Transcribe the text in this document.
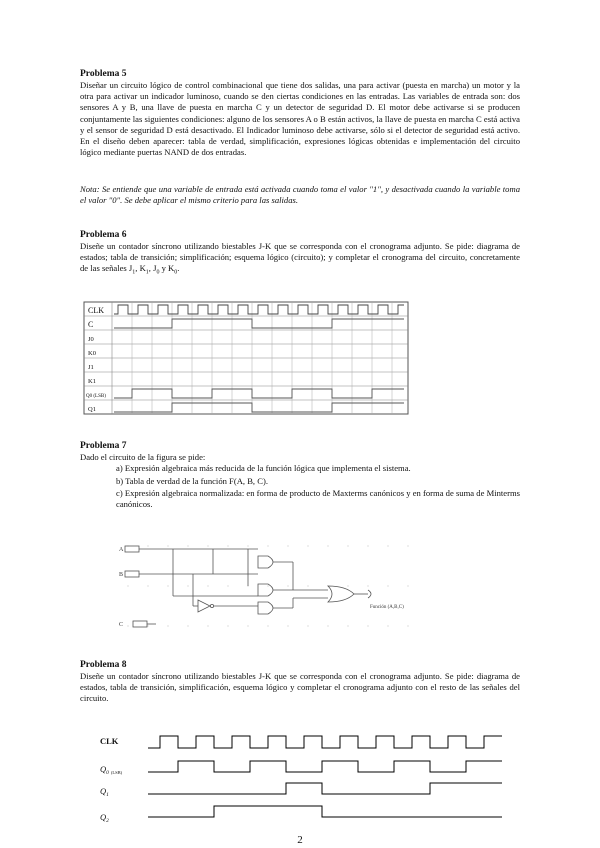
Problema 5

Diseñar un circuito lógico de control combinacional que tiene dos salidas, una para activar (puesta en marcha) un motor y la otra para activar un indicador luminoso, cuando se den ciertas condiciones en las entradas. Las variables de entrada son: dos sensores A y B, una llave de puesta en marcha C y un detector de seguridad D. El motor debe activarse si se producen conjuntamente las siguientes condiciones: alguno de los sensores A o B están activos, la llave de puesta en marcha C está activa y el sensor de seguridad D está desactivado. El Indicador luminoso debe activarse, sólo si el detector de seguridad está activo. En el diseño deben aparecer: tabla de verdad, simplificación, expresiones lógicas obtenidas e implementación del circuito lógico mediante puertas NAND de dos entradas.

Nota: Se entiende que una variable de entrada está activada cuando toma el valor "1", y desactivada cuando la variable toma el valor "0". Se debe aplicar el mismo criterio para las salidas.

Problema 6

Diseñe un contador síncrono utilizando biestables J-K que se corresponda con el cronograma adjunto. Se pide: diagrama de estados; tabla de transición; simplificación; esquema lógico (circuito); y completar el cronograma del circuito, concretamente de las señales $J_1$, $K_1$, $J_0$ y $K_0$.

CLK
C
J0
K0
J1
K1
Q0 (LSB)
Q1
Problema 7
Dado el circuito de la figura se pide:
a) Expresión algebraica más reducida de la función lógica que implementa el sistema.
b) Tabla de verdad de la función F(A, B, C).
c) Expresión algebraica normalizada: en forma de producto de Maxterms canónicos y en forma de suma de Minterms canónicos.
A
B
C
Función (A,B,C)
Problema 8

Diseñe un contador síncrono utilizando biestables J-K que se corresponda con el cronograma adjunto. Se pide: diagrama de estados, tabla de transición, simplificación, esquema lógico y completar el cronograma adjunto con el resto de las señales del circuito.

CLK
$Q_0$ (LSB)
$Q_1$
$Q_2$
2
